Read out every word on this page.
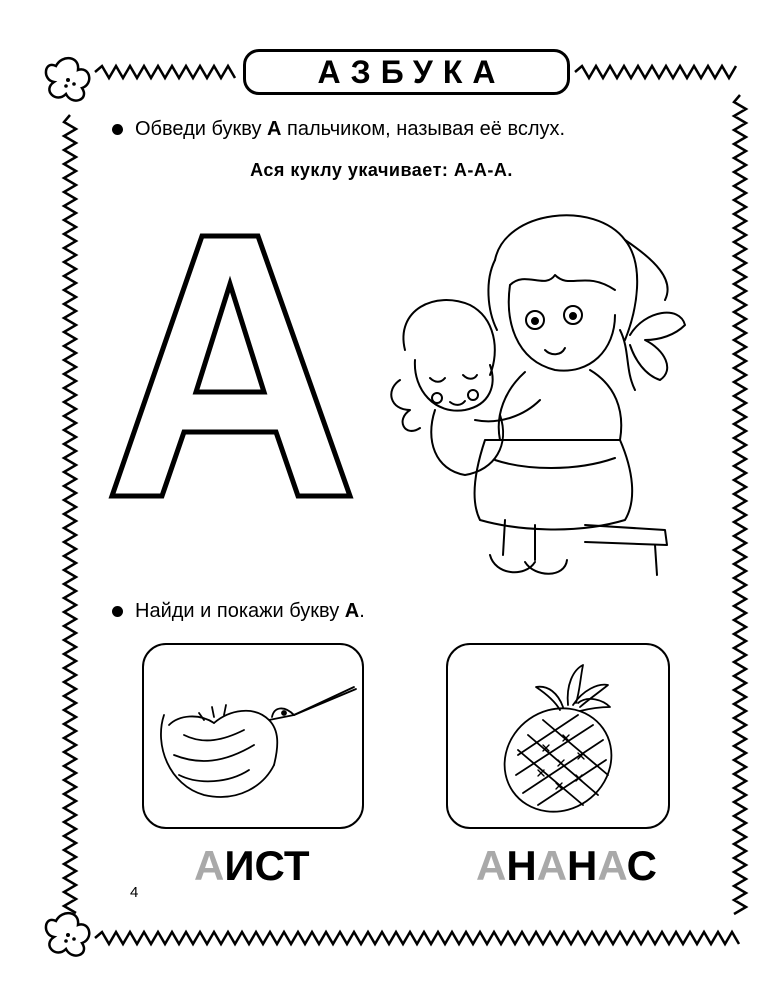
АЗБУКА
Обведи букву А пальчиком, называя её вслух.
Ася куклу укачивает: А-А-А.
Найди и покажи букву А.
АИСТ	АНАНАС
4
